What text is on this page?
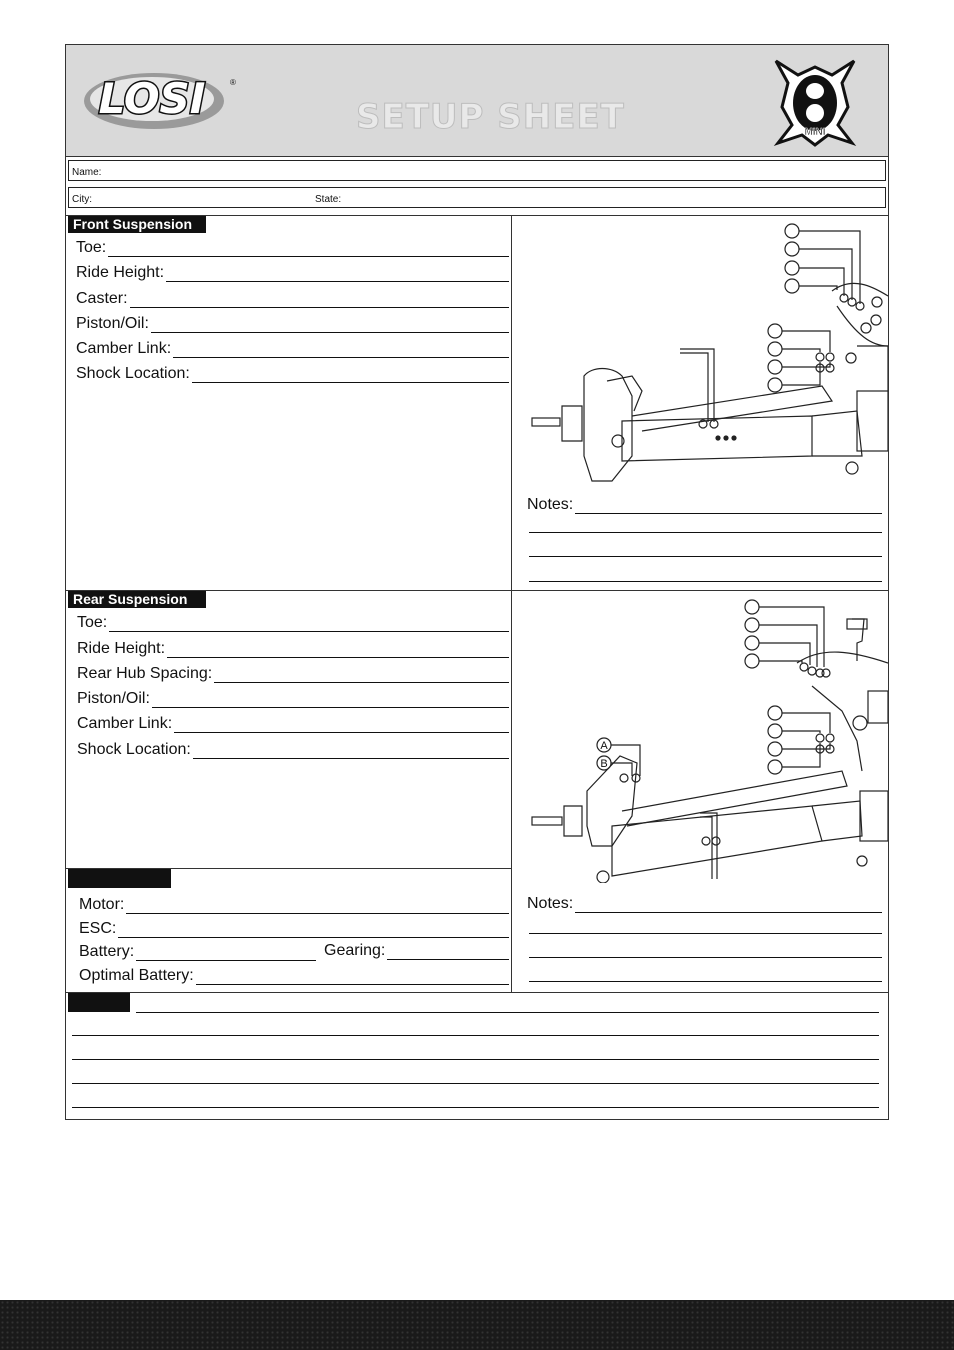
LOSI	®
SETUP SHEET	MINI
Name:
City:	State:
Front Suspension
Toe:
Ride Height:
Caster:
Piston/Oil:
Camber Link:
Shock Location:
Notes:
Rear Suspension
Toe:
Ride Height:
Rear Hub Spacing:
Piston/Oil:
Camber Link:
Shock Location:	A
B
Notes:
Motor:
ESC:
Battery:	Gearing:
Optimal Battery:
